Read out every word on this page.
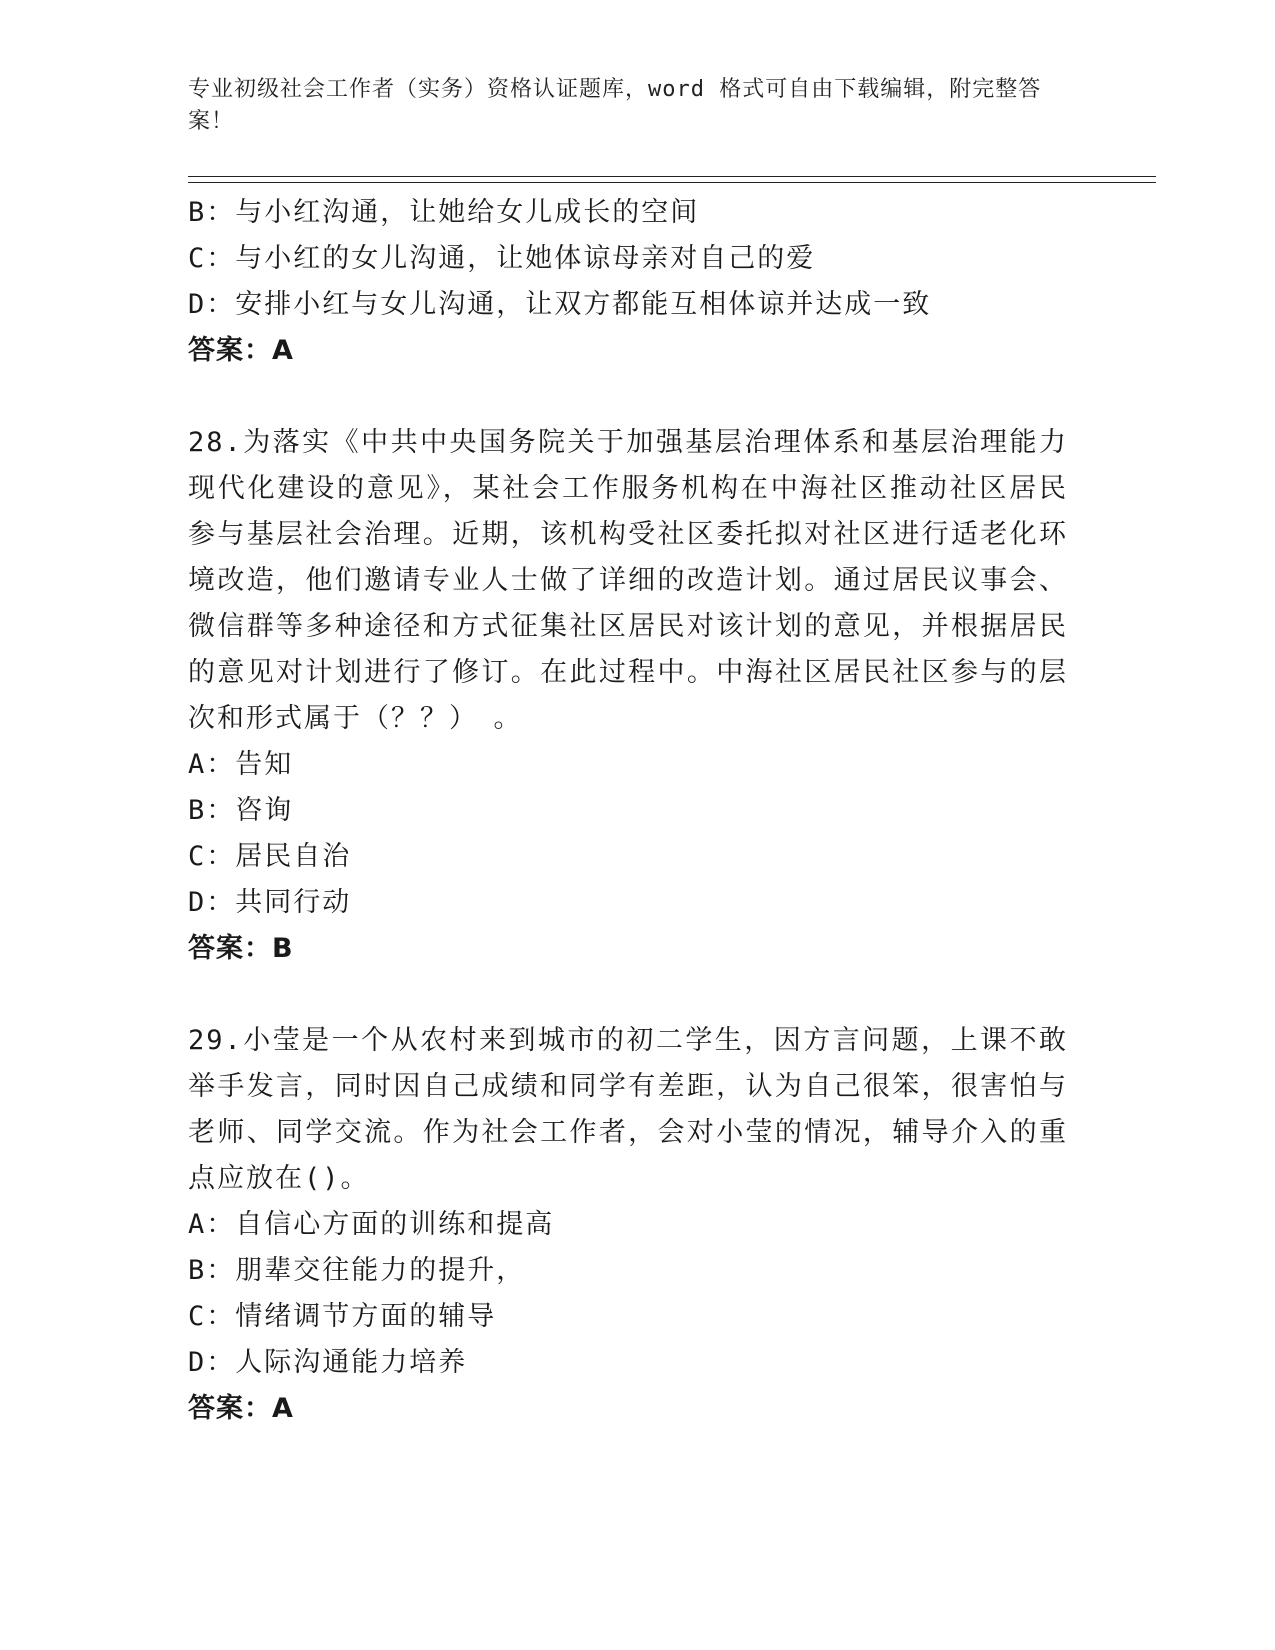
专业初级社会工作者（实务）资格认证题库，word 格式可自由下载编辑，附完整答案！
B：与小红沟通，让她给女儿成长的空间
C：与小红的女儿沟通，让她体谅母亲对自己的爱
D：安排小红与女儿沟通，让双方都能互相体谅并达成一致
答案：A
28.为落实《中共中央国务院关于加强基层治理体系和基层治理能力现代化建设的意见》，某社会工作服务机构在中海社区推动社区居民参与基层社会治理。近期，该机构受社区委托拟对社区进行适老化环境改造，他们邀请专业人士做了详细的改造计划。通过居民议事会、微信群等多种途径和方式征集社区居民对该计划的意见，并根据居民的意见对计划进行了修订。在此过程中。中海社区居民社区参与的层次和形式属于（？？）　。
A：告知
B：咨询
C：居民自治
D：共同行动
答案：B
29.小莹是一个从农村来到城市的初二学生，因方言问题，上课不敢举手发言，同时因自己成绩和同学有差距，认为自己很笨，很害怕与老师、同学交流。作为社会工作者，会对小莹的情况，辅导介入的重点应放在()。
A：自信心方面的训练和提高
B：朋辈交往能力的提升，
C：情绪调节方面的辅导
D：人际沟通能力培养
答案：A
